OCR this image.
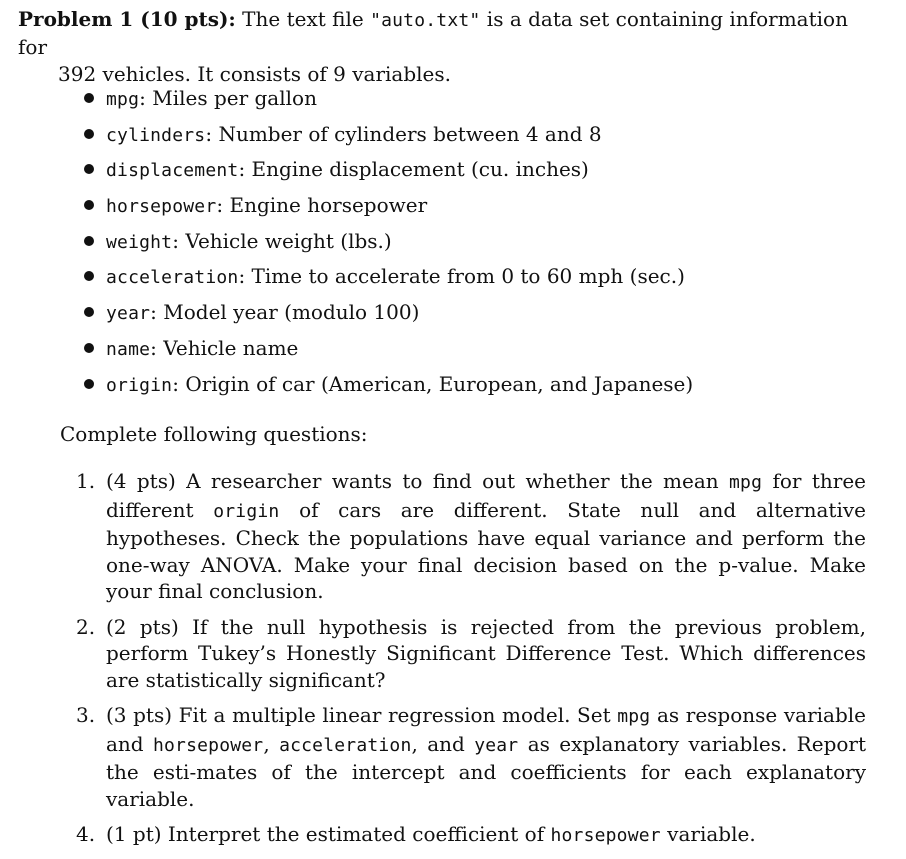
Problem 1 (10 pts): The text file "auto.txt" is a data set containing information for
392 vehicles. It consists of 9 variables.
mpg: Miles per gallon
cylinders: Number of cylinders between 4 and 8
displacement: Engine displacement (cu. inches)
horsepower: Engine horsepower
weight: Vehicle weight (lbs.)
acceleration: Time to accelerate from 0 to 60 mph (sec.)
year: Model year (modulo 100)
name: Vehicle name
origin: Origin of car (American, European, and Japanese)
Complete following questions:
1. (4 pts) A researcher wants to find out whether the mean mpg for three different origin of cars are different. State null and alternative hypotheses. Check the populations have equal variance and perform the one-way ANOVA. Make your final decision based on the p-value. Make your final conclusion.
2. (2 pts) If the null hypothesis is rejected from the previous problem, perform Tukey’s Honestly Significant Difference Test. Which differences are statistically significant?
3. (3 pts) Fit a multiple linear regression model. Set mpg as response variable and horsepower, acceleration, and year as explanatory variables. Report the esti-mates of the intercept and coefficients for each explanatory variable.
4. (1 pt) Interpret the estimated coefficient of horsepower variable.
